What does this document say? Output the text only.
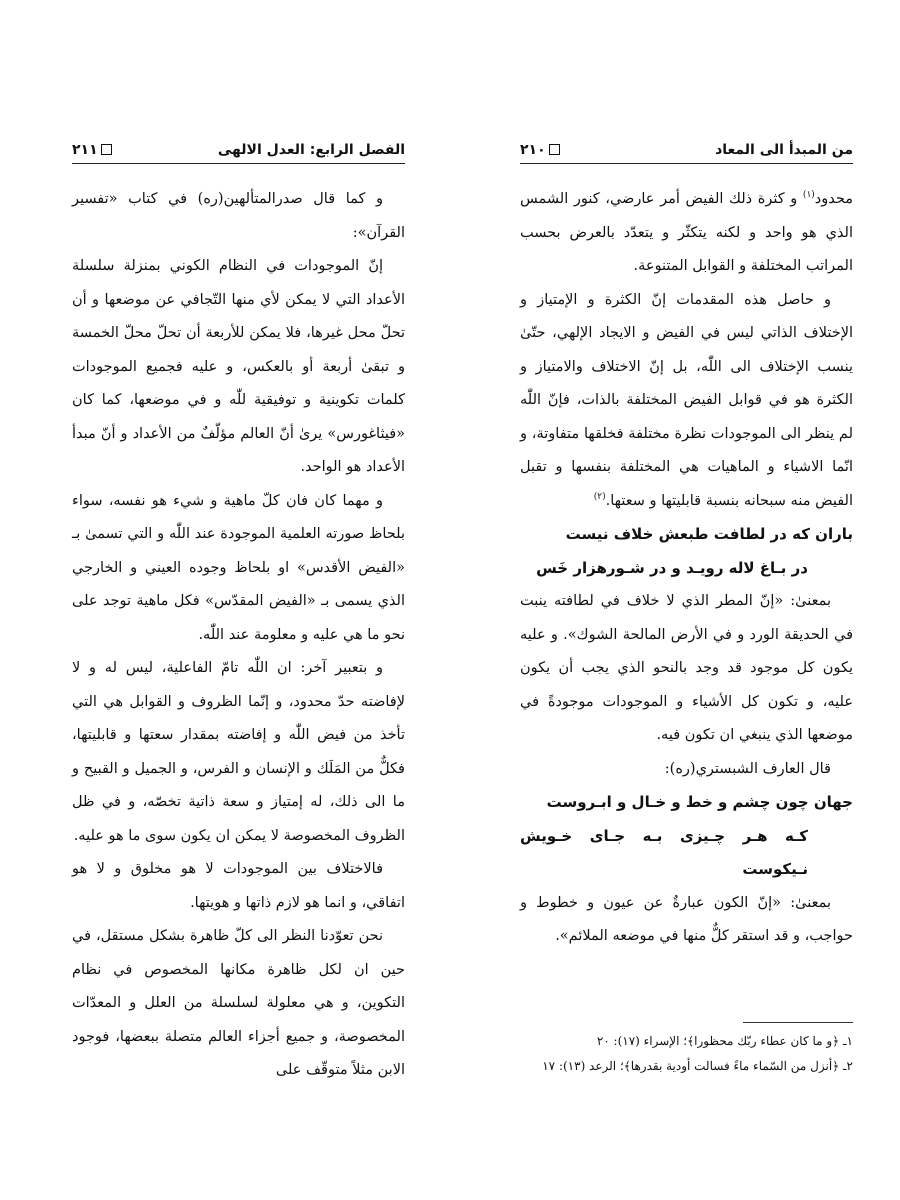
الفصل الرابع: العدل الالهی
۲۱۱

و كما قال صدرالمتألهين(ره) في كتاب «تفسير القرآن»:

إنّ الموجودات في النظام الكوني بمنزلة سلسلة الأعداد التي لا يمكن لأي منها التّجافي عن موضعها و أن تحلّ محل غيرها، فلا يمكن للأربعة أن تحلّ محلّ الخمسة و تبقىٰ أربعة أو بالعكس، و عليه فجميع الموجودات كلمات تكوينية و توفيقية للّٰه و في موضعها، كما كان «فيثاغورس» يرىٰ أنّ العالم مؤلّفٌ من الأعداد و أنّ مبدأ الأعداد هو الواحد.

و مهما كان فان كلّ ماهية و شيء هو نفسه، سواء بلحاظ صورته العلمية الموجودة عند اللّٰه و التي تسمىٰ بـ «الفيض الأقدس» او بلحاظ وجوده العيني و الخارجي الذي يسمى بـ «الفيض المقدّس» فكل ماهية توجد على نحو ما هي عليه و معلومة عند اللّٰه.

و بتعبير آخر: ان اللّٰه تامّ الفاعلية، ليس له و لا لإفاضته حدّ محدود، و إنّما الظروف و القوابل هي التي تأخذ من فيض اللّٰه و إفاضته بمقدار سعتها و قابليتها، فكلٌّ من المَلَك و الإنسان و الفرس، و الجميل و القبيح و ما الى ذلك، له إمتياز و سعة ذاتية تخصّه، و في ظل الظروف المخصوصة لا يمكن ان يكون سوى ما هو عليه.

فالاختلاف بين الموجودات لا هو مخلوق و لا هو اتفاقي، و انما هو لازم ذاتها و هويتها.

نحن تعوّدنا النظر الى كلّ ظاهرة بشكل مستقل، في حين ان لكل ظاهرة مكانها المخصوص في نظام التكوين، و هي معلولة لسلسلة من العلل و المعدّات المخصوصة، و جميع أجزاء العالم متصلة ببعضها، فوجود الابن مثلاً متوقّف على

من المبدأ الى المعاد
۲۱۰

محدود$^{(۱)}$ و كثرة ذلك الفيض أمر عارضي، كنور الشمس الذي هو واحد و لكنه يتكثّر و يتعدّد بالعرض بحسب المراتب المختلفة و القوابل المتنوعة.

و حاصل هذه المقدمات إنّ الكثرة و الإمتياز و الإختلاف الذاتي ليس في الفيض و الايجاد الإلهي، حتّىٰ ينسب الإختلاف الى اللّٰه، بل إنّ الاختلاف والامتياز و الكثرة هو في قوابل الفيض المختلفة بالذات، فإنّ اللّٰه لم ينظر الى الموجودات نظرة مختلفة فخلقها متفاوتة، و انّما الاشياء و الماهيات هي المختلفة بنفسها و تقبل الفيض منه سبحانه بنسبة قابليتها و سعتها.$^{(۲)}$

باران كه در لطافت طبعش خلاف نيست

در بـاغ لاله رويـد و در شـورهزار خَس

بمعنىٰ: «إنّ المطر الذي لا خلاف في لطافته ينبت في الحديقة الورد و في الأرض المالحة الشوك». و عليه يكون كل موجود قد وجد بالنحو الذي يجب أن يكون عليه، و تكون كل الأشياء و الموجودات موجودةً في موضعها الذي ينبغي ان تكون فيه.

قال العارف الشبستري(ره):

جهان چون چشم و خط و خـال و ابـروست

كـه هـر چـيزى بـه جـاى خـويش نـيكوست

بمعنىٰ: «إنّ الكون عبارةٌ عن عيون و خطوط و حواجب، و قد استقر كلٌّ منها في موضعه الملائم».

۱ـ ﴿و ما كان عطاء ربّك محظورا﴾؛ الإسراء (۱۷): ۲۰

۲ـ ﴿أنزل من السّماء ماءً فسالت أودية بقدرها﴾؛ الرعد (۱۳): ۱۷
